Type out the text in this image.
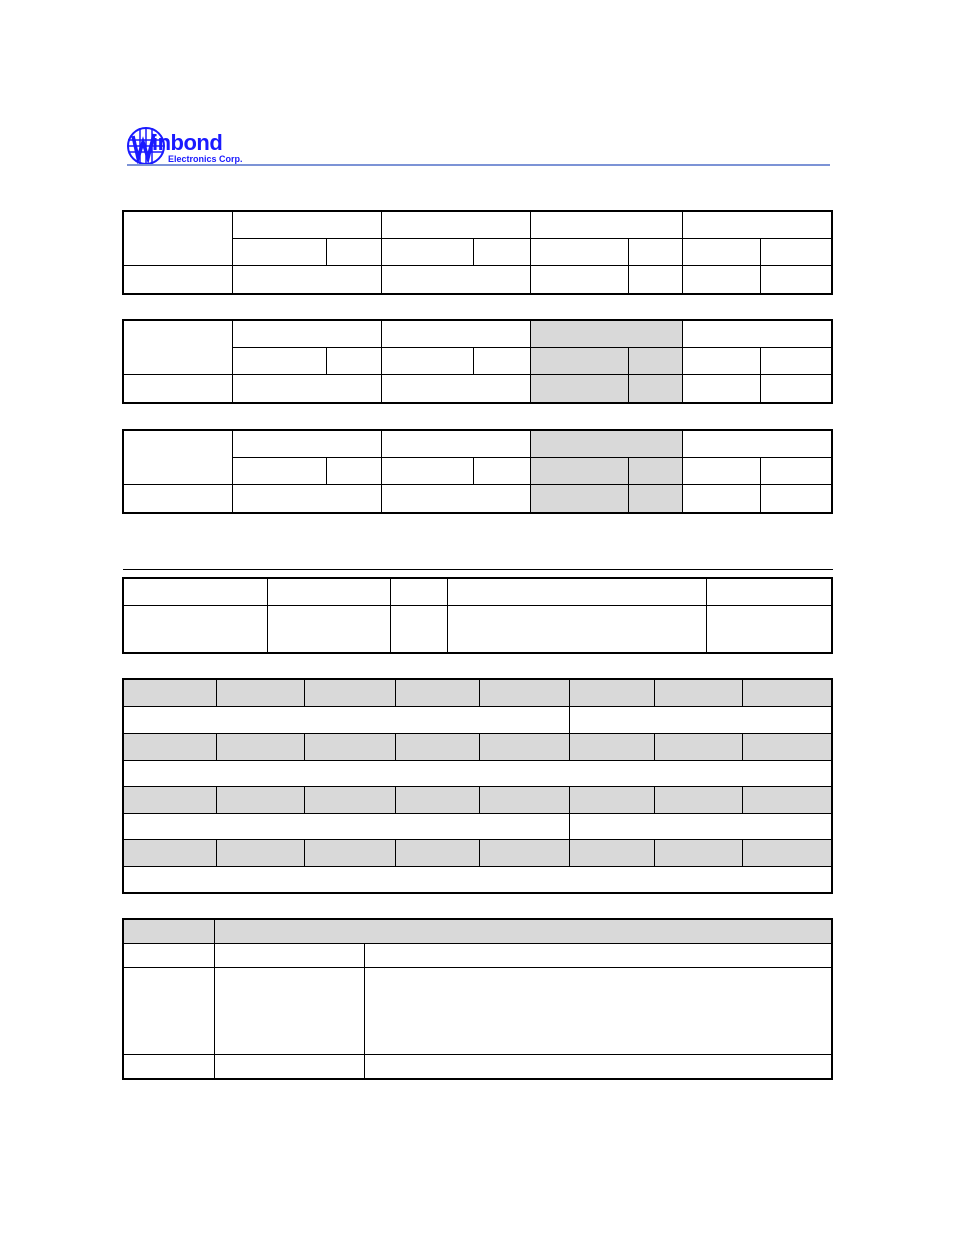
inbond
Electronics Corp.
